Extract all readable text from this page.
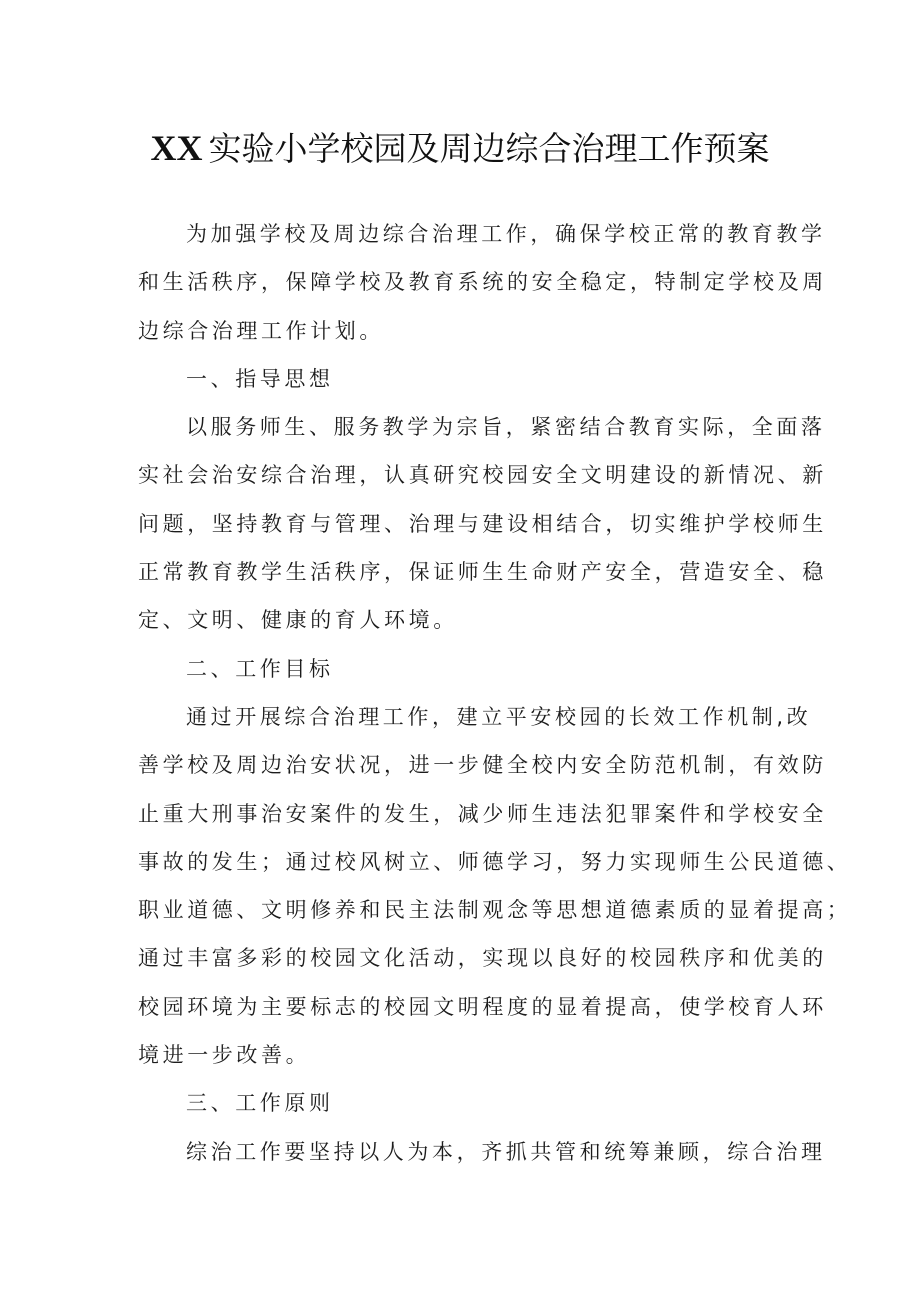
XX 实验小学校园及周边综合治理工作预案
为加强学校及周边综合治理工作，确保学校正常的教育教学
和生活秩序，保障学校及教育系统的安全稳定，特制定学校及周
边综合治理工作计划。
一、指导思想
以服务师生、服务教学为宗旨，紧密结合教育实际，全面落
实社会治安综合治理，认真研究校园安全文明建设的新情况、新
问题，坚持教育与管理、治理与建设相结合，切实维护学校师生
正常教育教学生活秩序，保证师生生命财产安全，营造安全、稳
定、文明、健康的育人环境。
二、工作目标
通过开展综合治理工作，建立平安校园的长效工作机制,改
善学校及周边治安状况，进一步健全校内安全防范机制，有效防
止重大刑事治安案件的发生，减少师生违法犯罪案件和学校安全
事故的发生；通过校风树立、师德学习，努力实现师生公民道德、
职业道德、文明修养和民主法制观念等思想道德素质的显着提高；
通过丰富多彩的校园文化活动，实现以良好的校园秩序和优美的
校园环境为主要标志的校园文明程度的显着提高，使学校育人环
境进一步改善。
三、工作原则
综治工作要坚持以人为本，齐抓共管和统筹兼顾，综合治理
